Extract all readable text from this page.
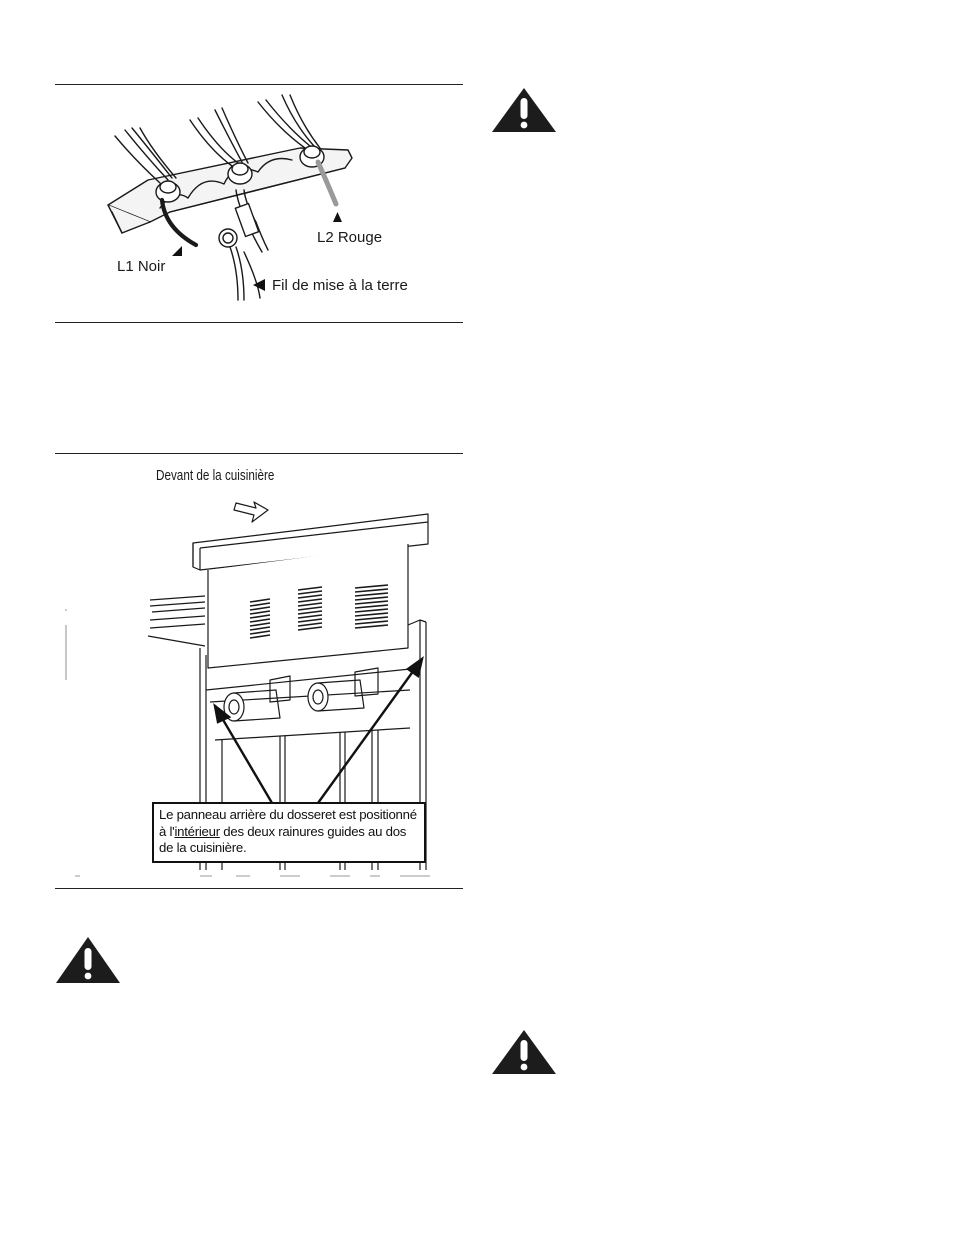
L1 Noir
L2 Rouge
Fil de mise à la terre
Devant de la cuisinière
Le panneau arrière du dosseret est positionné à l'intérieur des deux rainures guides au dos de la cuisinière.
